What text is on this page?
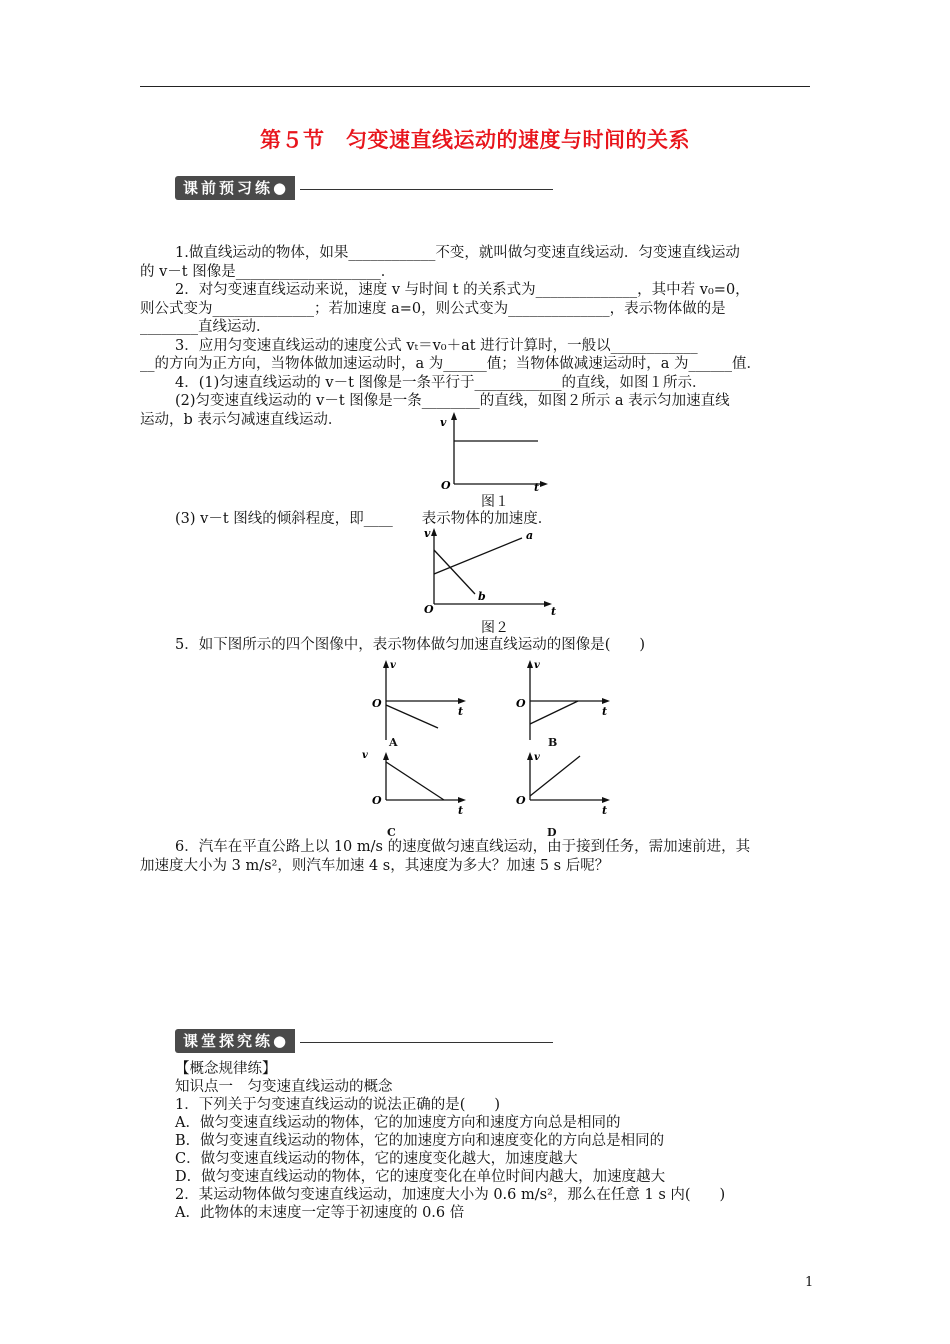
第５节　匀变速直线运动的速度与时间的关系
课前预习练●
1.做直线运动的物体，如果____________不变，就叫做匀变速直线运动．匀变速直线运动
的 v－t 图像是____________________．
2．对匀变速直线运动来说，速度 v 与时间 t 的关系式为______________，其中若 v₀=0，
则公式变为______________；若加速度 a=0，则公式变为______________，表示物体做的是
________直线运动．
3．应用匀变速直线运动的速度公式 vₜ＝v₀＋at 进行计算时，一般以____________
__的方向为正方向，当物体做加速运动时，a 为______值；当物体做减速运动时，a 为______值．
4．(1)匀速直线运动的 v－t 图像是一条平行于____________的直线，如图１所示．
(2)匀变速直线运动的 v－t 图像是一条________的直线，如图２所示 a 表示匀加速直线
运动，b 表示匀减速直线运动．	v
O	t
图１
(3) v－t 图线的倾斜程度，即____　　表示物体的加速度．
v
O	t
a
b
图２
5．如下图所示的四个图像中，表示物体做匀加速直线运动的图像是(　　)
v
O
t
A
v
O
t
B
v
O
t
C
v
O
t
D
6．汽车在平直公路上以 10 m/s 的速度做匀速直线运动，由于接到任务，需加速前进，其
加速度大小为 3 m/s²，则汽车加速 4 s，其速度为多大？加速 5 s 后呢？
课堂探究练●
【概念规律练】
知识点一　匀变速直线运动的概念
1．下列关于匀变速直线运动的说法正确的是(　　)
A．做匀变速直线运动的物体，它的加速度方向和速度方向总是相同的
B．做匀变速直线运动的物体，它的加速度方向和速度变化的方向总是相同的
C．做匀变速直线运动的物体，它的速度变化越大，加速度越大
D．做匀变速直线运动的物体，它的速度变化在单位时间内越大，加速度越大
2．某运动物体做匀变速直线运动，加速度大小为 0.6 m/s²，那么在任意 1 s 内(　　)
A．此物体的末速度一定等于初速度的 0.6 倍
1
